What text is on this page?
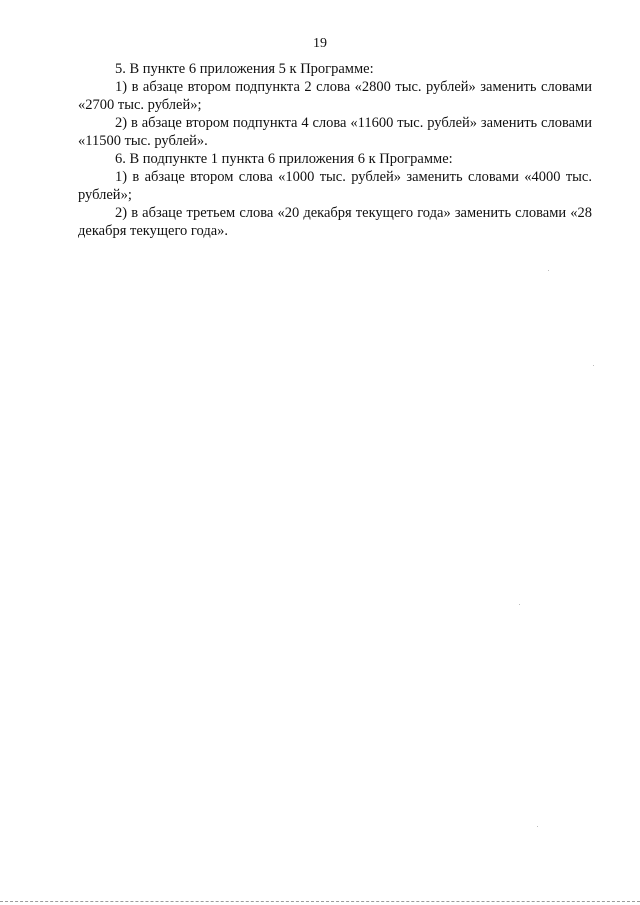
19

5. В пункте 6 приложения 5 к Программе:

1) в абзаце втором подпункта 2 слова «2800 тыс. рублей» заменить словами «2700 тыс. рублей»;

2) в абзаце втором подпункта 4 слова «11600 тыс. рублей» заменить словами «11500 тыс. рублей».

6. В подпункте 1 пункта 6 приложения 6 к Программе:

1) в абзаце втором слова «1000 тыс. рублей» заменить словами «4000 тыс. рублей»;

2) в абзаце третьем слова «20 декабря текущего года» заменить словами «28 декабря текущего года».
